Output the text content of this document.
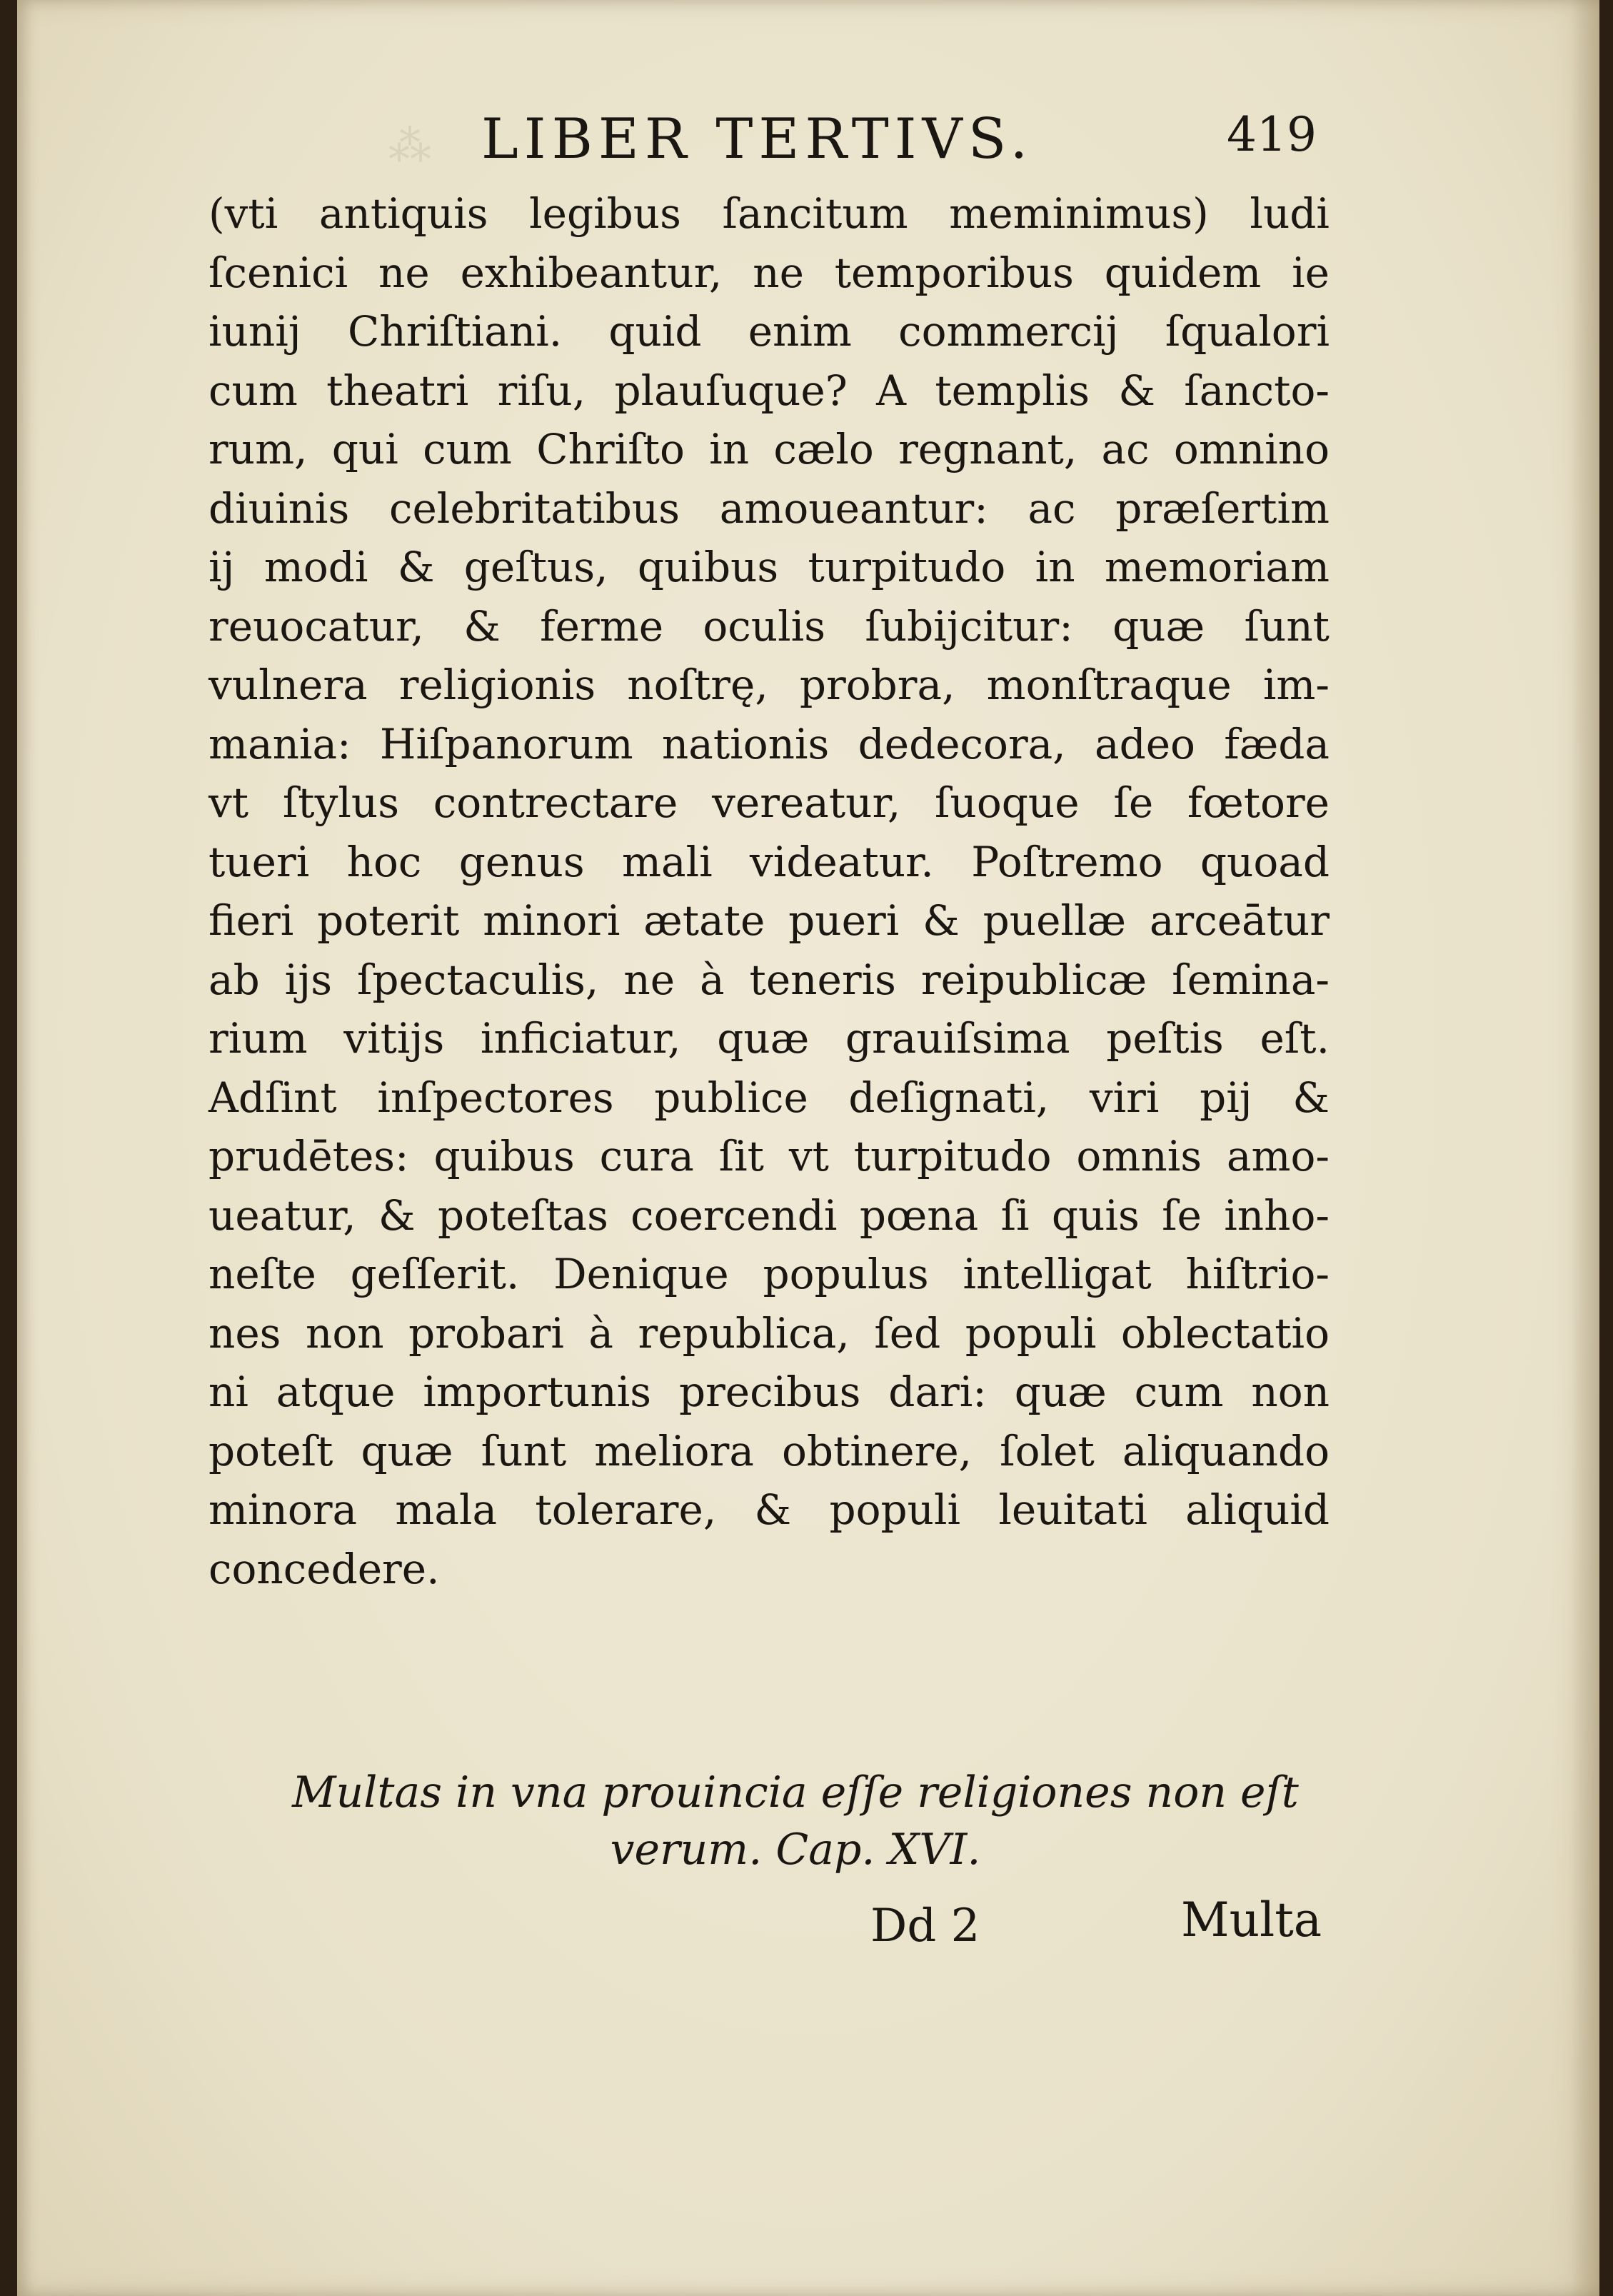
⁂ LIBER TERTIVS.	419
(vti antiquis legibus ſancitum meminimus) ludi
ſcenici ne exhibeantur, ne temporibus quidem ie
iunij Chriſtiani. quid enim commercij ſqualori
cum theatri riſu, plauſuque? A templis & ſancto-
rum, qui cum Chriſto in cælo regnant, ac omnino
diuinis celebritatibus amoueantur: ac præſertim
ij modi & geſtus, quibus turpitudo in memoriam
reuocatur, & ferme oculis ſubijcitur: quæ ſunt
vulnera religionis noſtrę, probra, monſtraque im-
mania: Hiſpanorum nationis dedecora, adeo fæda
vt ſtylus contrectare vereatur, ſuoque ſe fœtore
tueri hoc genus mali videatur. Poſtremo quoad
fieri poterit minori ætate pueri & puellæ arceātur
ab ijs ſpectaculis, ne à teneris reipublicæ ſemina-
rium vitijs inficiatur, quæ grauiſsima peſtis eſt.
Adſint inſpectores publice deſignati, viri pij &
prudētes: quibus cura ſit vt turpitudo omnis amo-
ueatur, & poteſtas coercendi pœna ſi quis ſe inho-
neſte geſſerit. Denique populus intelligat hiſtrio-
nes non probari à republica, ſed populi oblectatio
ni atque importunis precibus dari: quæ cum non
poteſt quæ ſunt meliora obtinere, ſolet aliquando
minora mala tolerare, & populi leuitati aliquid
concedere.
Multas in vna prouincia eſſe religiones non eſt
verum. Cap. XVI.
Dd 2	Multa
